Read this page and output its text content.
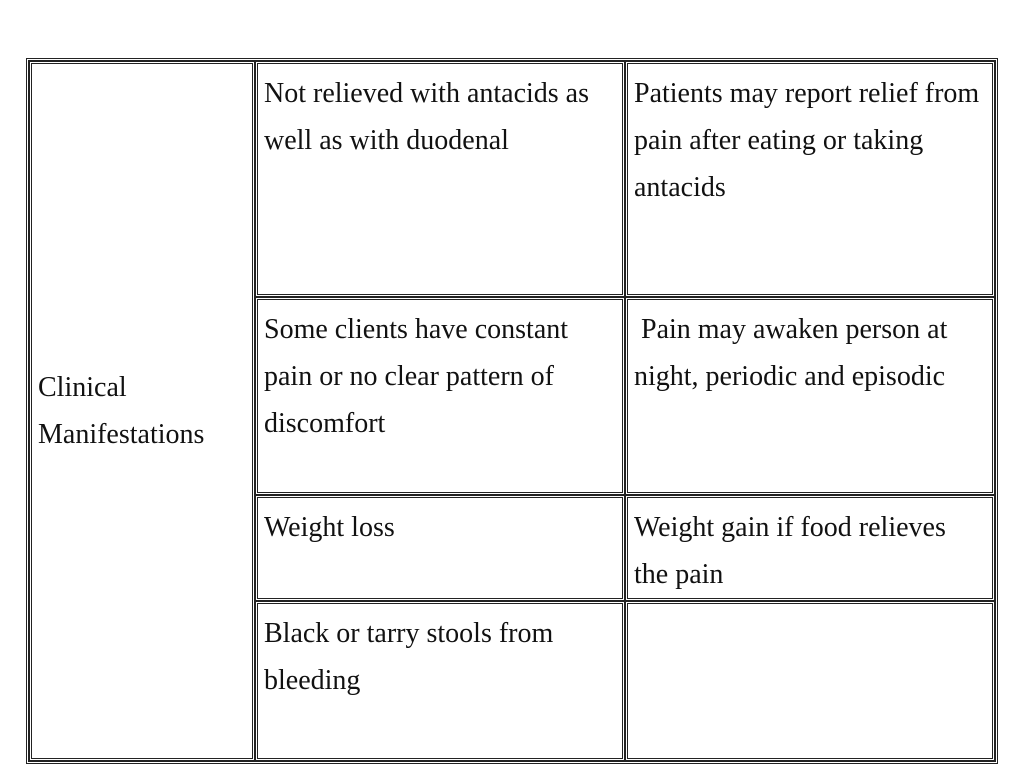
Clinical Manifestations	Not relieved with antacids as well as with duodenal	Patients may report relief from pain after eating or taking antacids
	Some clients have constant pain or no clear pattern of discomfort	Pain may awaken person at night, periodic and episodic
	Weight loss	Weight gain if food relieves the pain
	Black or tarry stools from bleeding	
